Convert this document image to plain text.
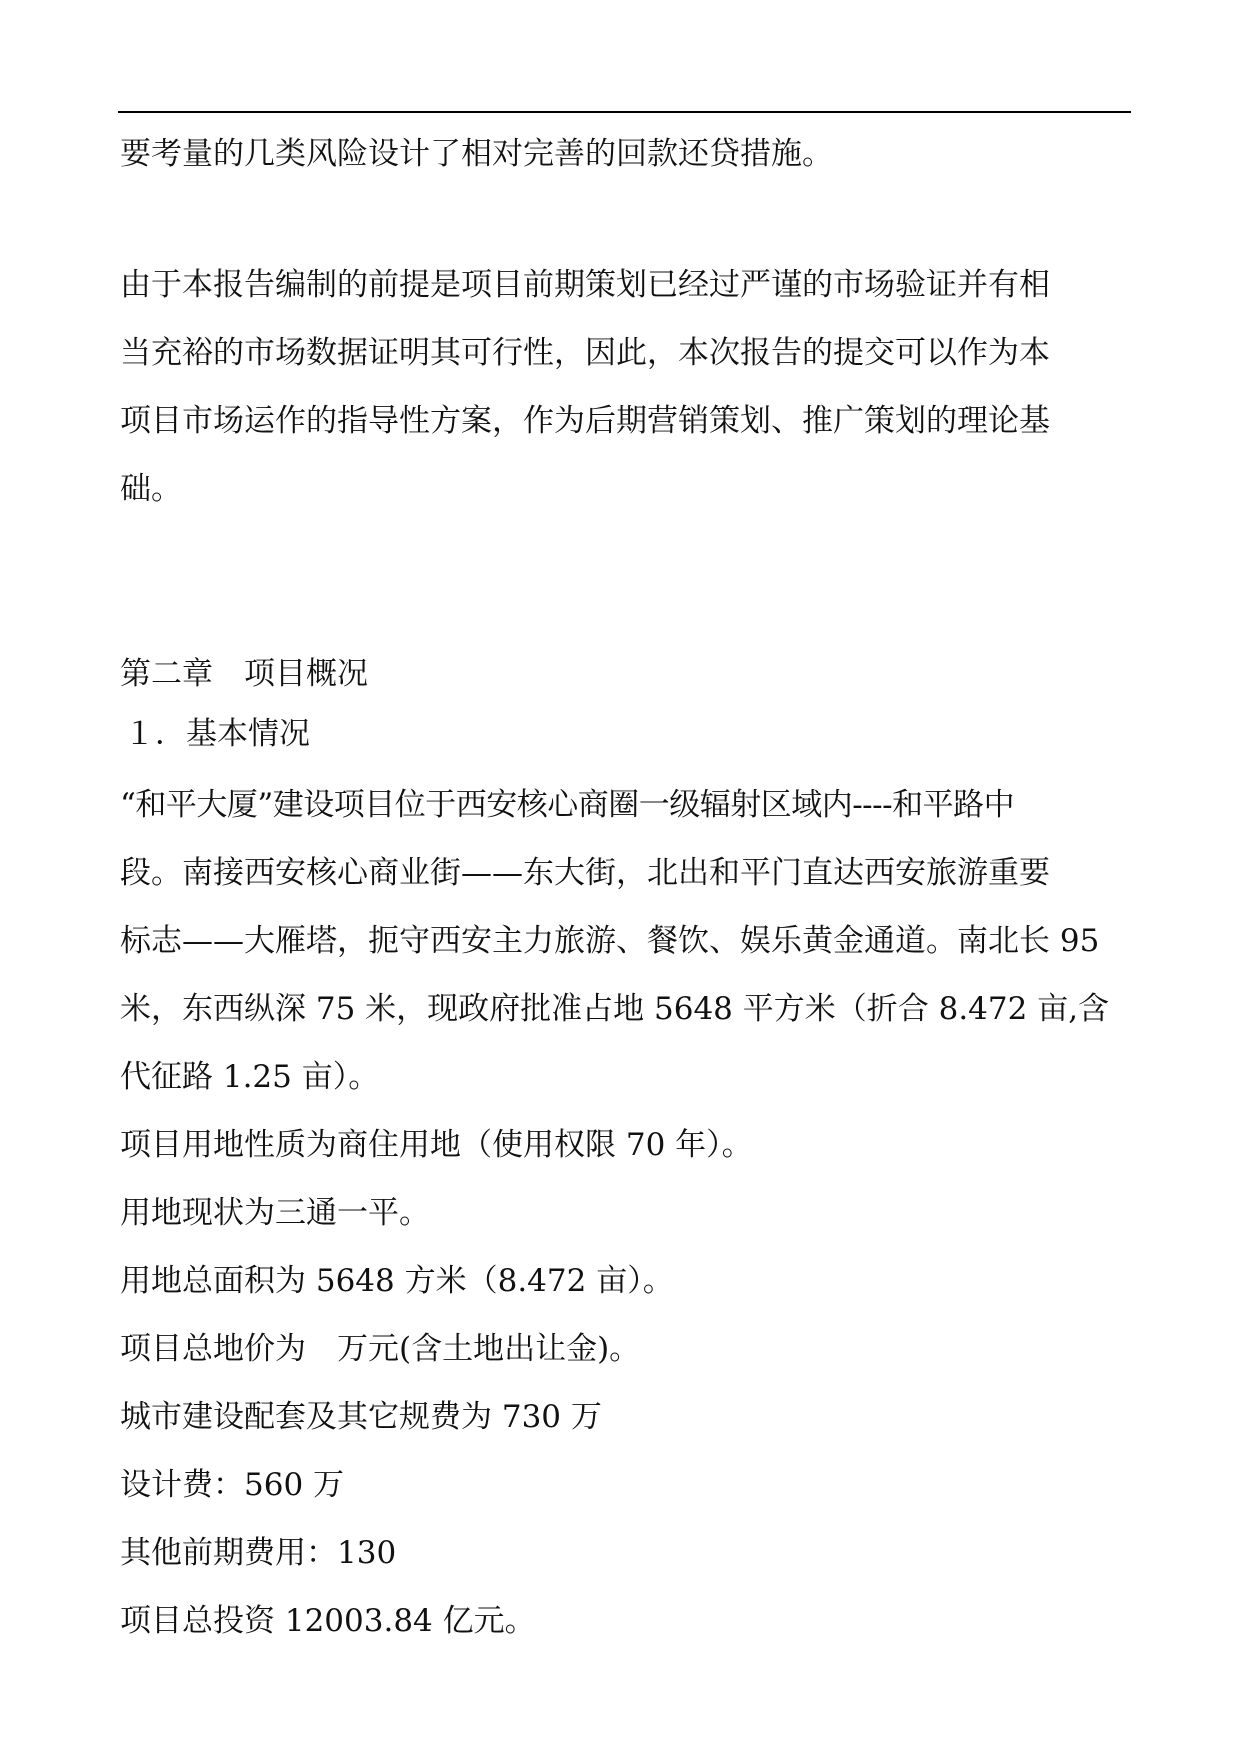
要考量的几类风险设计了相对完善的回款还贷措施。
由于本报告编制的前提是项目前期策划已经过严谨的市场验证并有相
当充裕的市场数据证明其可行性，因此，本次报告的提交可以作为本
项目市场运作的指导性方案，作为后期营销策划、推广策划的理论基
础。
第二章　项目概况
１．基本情况
“和平大厦”建设项目位于西安核心商圈一级辐射区域内----和平路中
段。南接西安核心商业街——东大街，北出和平门直达西安旅游重要
标志——大雁塔，扼守西安主力旅游、餐饮、娱乐黄金通道。南北长 95
米，东西纵深 75 米，现政府批准占地 5648 平方米（折合 8.472 亩,含
代征路 1.25 亩）。
项目用地性质为商住用地（使用权限 70 年）。
用地现状为三通一平。
用地总面积为 5648 方米（8.472 亩）。
项目总地价为　万元(含土地出让金)。
城市建设配套及其它规费为 730 万
设计费：560 万
其他前期费用：130
项目总投资 12003.84 亿元。
